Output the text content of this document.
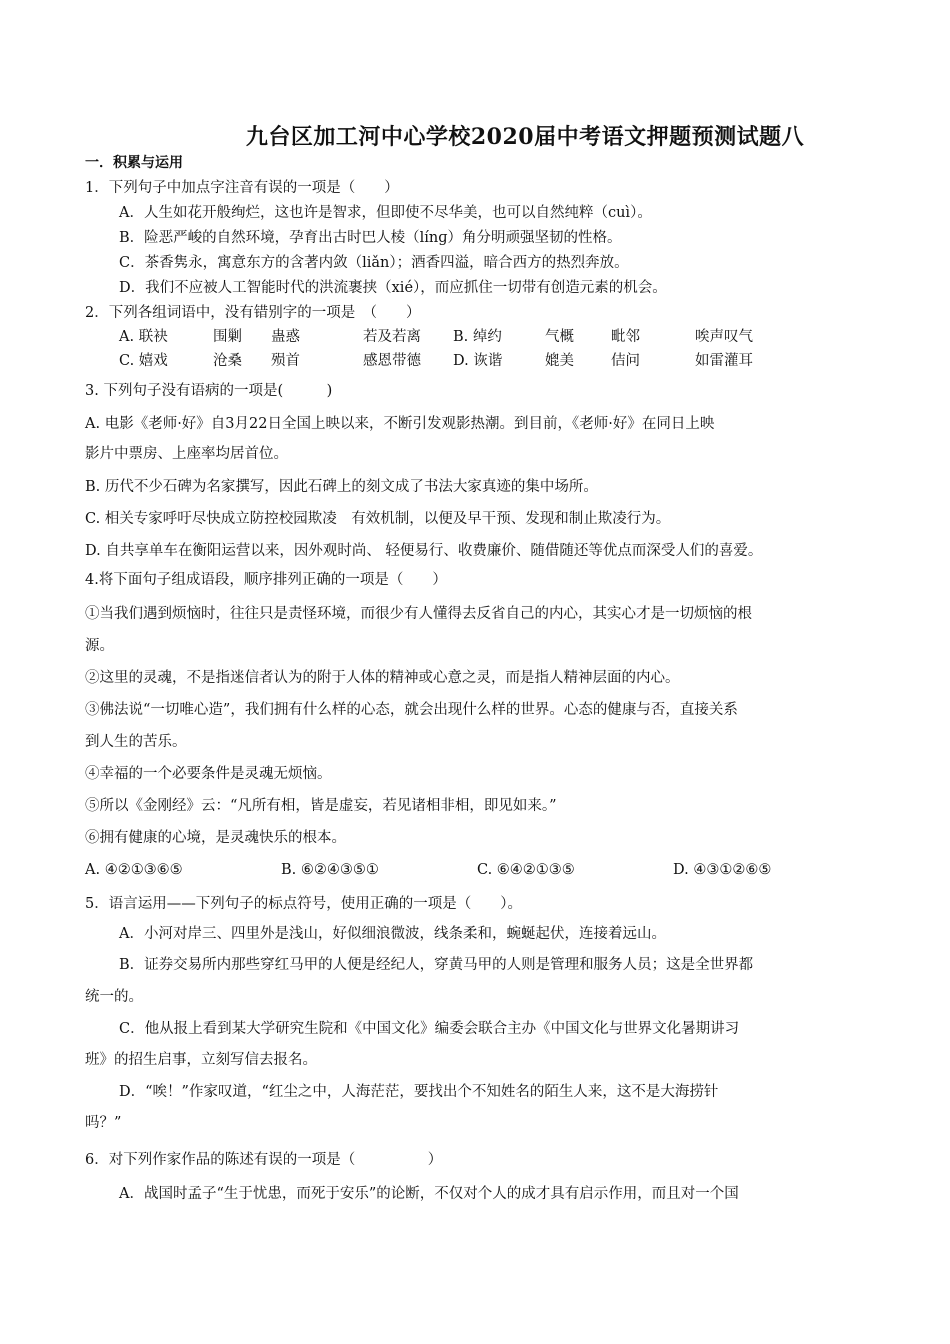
九台区加工河中心学校2020届中考语文押题预测试题八
一．积累与运用
1．下列句子中加点字注音有误的一项是（　　）
A．人生如花开般绚烂，这也许是智求，但即使不尽华美，也可以自然纯粹（cuì）。
B．险恶严峻的自然环境，孕育出古时巴人棱（línɡ）角分明顽强坚韧的性格。
C．茶香隽永，寓意东方的含著内敛（liǎn）；酒香四溢，暗合西方的热烈奔放。
D．我们不应被人工智能时代的洪流裹挟（xié），而应抓住一切带有创造元素的机会。
2．下列各组词语中，没有错别字的一项是　（　　）
A. 联袂	围剿	蛊惑	若及若离	B. 绰约	气概	毗邻	唉声叹气
C. 嬉戏	沧桑	殒首	感恩带德	D. 诙谐	媲美	佶问	如雷灌耳
3. 下列句子没有语病的一项是(　　　)
A. 电影《老师·好》自3月22日全国上映以来，不断引发观影热潮。到目前，《老师·好》在同日上映
影片中票房、上座率均居首位。
B. 历代不少石碑为名家撰写，因此石碑上的刻文成了书法大家真迹的集中场所。
C. 相关专家呼吁尽快成立防控校园欺凌　有效机制，以便及早干预、发现和制止欺凌行为。
D. 自共享单车在衡阳运营以来，因外观时尚、 轻便易行、收费廉价、随借随还等优点而深受人们的喜爱。
4.将下面句子组成语段，顺序排列正确的一项是（　　）
①当我们遇到烦恼时，往往只是责怪环境，而很少有人懂得去反省自己的内心，其实心才是一切烦恼的根
源。
②这里的灵魂，不是指迷信者认为的附于人体的精神或心意之灵，而是指人精神层面的内心。
③佛法说“一切唯心造”，我们拥有什么样的心态，就会出现什么样的世界。心态的健康与否，直接关系
到人生的苦乐。
④幸福的一个必要条件是灵魂无烦恼。
⑤所以《金刚经》云：“凡所有相，皆是虚妄，若见诸相非相，即见如来。”
⑥拥有健康的心境，是灵魂快乐的根本。
A. ④②①③⑥⑤	B. ⑥②④③⑤①	C. ⑥④②①③⑤	D. ④③①②⑥⑤
5．语言运用——下列句子的标点符号，使用正确的一项是（　　）。
A．小河对岸三、四里外是浅山，好似细浪微波，线条柔和，蜿蜒起伏，连接着远山。
B．证券交易所内那些穿红马甲的人便是经纪人，穿黄马甲的人则是管理和服务人员；这是全世界都
统一的。
C．他从报上看到某大学研究生院和《中国文化》编委会联合主办《中国文化与世界文化暑期讲习
班》的招生启事，立刻写信去报名。
D．“唉！”作家叹道，“红尘之中，人海茫茫，要找出个不知姓名的陌生人来，这不是大海捞针
吗？”
6．对下列作家作品的陈述有误的一项是（　　　　　）
A．战国时孟子“生于忧患，而死于安乐”的论断，不仅对个人的成才具有启示作用，而且对一个国
